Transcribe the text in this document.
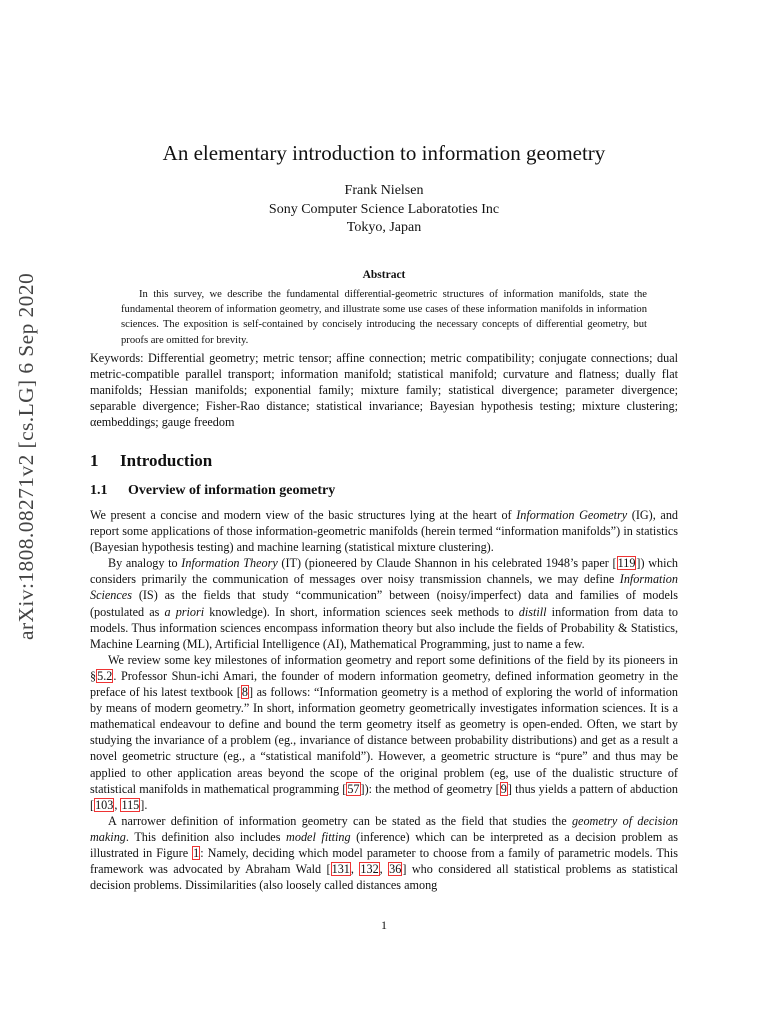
arXiv:1808.08271v2 [cs.LG] 6 Sep 2020
An elementary introduction to information geometry
Frank Nielsen
Sony Computer Science Laboratoties Inc
Tokyo, Japan
Abstract
In this survey, we describe the fundamental differential-geometric structures of information manifolds, state the fundamental theorem of information geometry, and illustrate some use cases of these information manifolds in information sciences. The exposition is self-contained by concisely introducing the necessary concepts of differential geometry, but proofs are omitted for brevity.
Keywords: Differential geometry; metric tensor; affine connection; metric compatibility; conjugate connections; dual metric-compatible parallel transport; information manifold; statistical manifold; curvature and flatness; dually flat manifolds; Hessian manifolds; exponential family; mixture family; statistical divergence; parameter divergence; separable divergence; Fisher-Rao distance; statistical invariance; Bayesian hypothesis testing; mixture clustering; αembeddings; gauge freedom
1 Introduction
1.1 Overview of information geometry

We present a concise and modern view of the basic structures lying at the heart of Information Geometry (IG), and report some applications of those information-geometric manifolds (herein termed “information manifolds”) in statistics (Bayesian hypothesis testing) and machine learning (statistical mixture clustering).

By analogy to Information Theory (IT) (pioneered by Claude Shannon in his celebrated 1948’s paper [119]) which considers primarily the communication of messages over noisy transmission channels, we may define Information Sciences (IS) as the fields that study “communication” between (noisy/imperfect) data and families of models (postulated as a priori knowledge). In short, information sciences seek methods to distill information from data to models. Thus information sciences encompass information theory but also include the fields of Probability & Statistics, Machine Learning (ML), Artificial Intelligence (AI), Mathematical Programming, just to name a few.

We review some key milestones of information geometry and report some definitions of the field by its pioneers in §5.2. Professor Shun-ichi Amari, the founder of modern information geometry, defined information geometry in the preface of his latest textbook [8] as follows: “Information geometry is a method of exploring the world of information by means of modern geometry.” In short, information geometry geometrically investigates information sciences. It is a mathematical endeavour to define and bound the term geometry itself as geometry is open-ended. Often, we start by studying the invariance of a problem (eg., invariance of distance between probability distributions) and get as a result a novel geometric structure (eg., a “statistical manifold”). However, a geometric structure is “pure” and thus may be applied to other application areas beyond the scope of the original problem (eg, use of the dualistic structure of statistical manifolds in mathematical programming [57]): the method of geometry [9] thus yields a pattern of abduction [103, 115].

A narrower definition of information geometry can be stated as the field that studies the geometry of decision making. This definition also includes model fitting (inference) which can be interpreted as a decision problem as illustrated in Figure 1: Namely, deciding which model parameter to choose from a family of parametric models. This framework was advocated by Abraham Wald [131, 132, 36] who considered all statistical problems as statistical decision problems. Dissimilarities (also loosely called distances among

1
